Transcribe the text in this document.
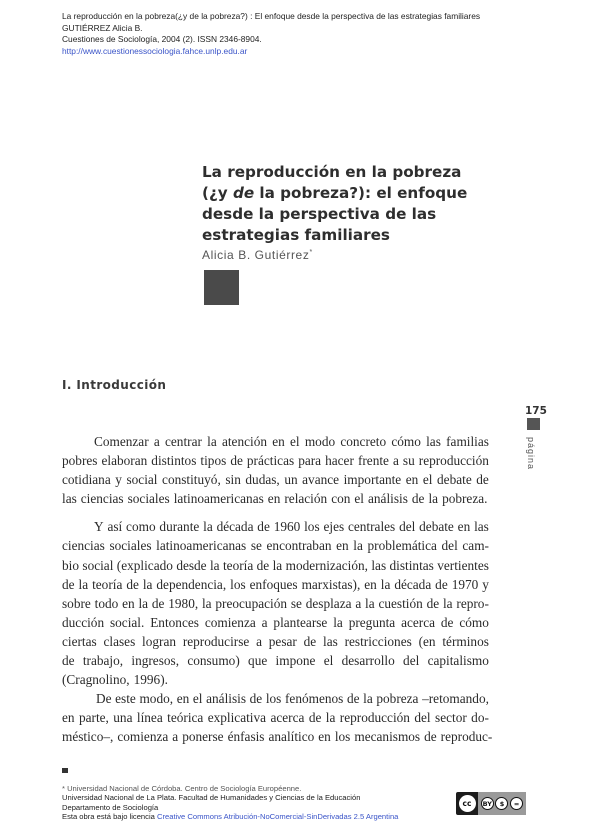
La reproducción en la pobreza(¿y de la pobreza?) : El enfoque desde la perspectiva de las estrategias familiares
GUTIÉRREZ Alicia B.
Cuestiones de Sociología, 2004 (2). ISSN 2346-8904.
http://www.cuestionessociologia.fahce.unlp.edu.ar
La reproducción en la pobreza
(¿y de la pobreza?): el enfoque
desde la perspectiva de las
estrategias familiares
Alicia B. Gutiérrez*
I. Introducción
175
página
Comenzar a centrar la atención en el modo concreto cómo las familias
pobres elaboran distintos tipos de prácticas para hacer frente a su reproducción
cotidiana y social constituyó, sin dudas, un avance importante en el debate de
las ciencias sociales latinoamericanas en relación con el análisis de la pobreza.
Y así como durante la década de 1960 los ejes centrales del debate en las
ciencias sociales latinoamericanas se encontraban en la problemática del cam-
bio social (explicado desde la teoría de la modernización, las distintas vertientes
de la teoría de la dependencia, los enfoques marxistas), en la década de 1970 y
sobre todo en la de 1980, la preocupación se desplaza a la cuestión de la repro-
ducción social. Entonces comienza a plantearse la pregunta acerca de cómo
ciertas clases logran reproducirse a pesar de las restricciones (en términos
de trabajo, ingresos, consumo) que impone el desarrollo del capitalismo
(Cragnolino, 1996).
De este modo, en el análisis de los fenómenos de la pobreza –retomando,
en parte, una línea teórica explicativa acerca de la reproducción del sector do-
méstico–, comienza a ponerse énfasis analítico en los mecanismos de reproduc-
* Universidad Nacional de Córdoba. Centro de Sociología Européenne.
Universidad Nacional de La Plata. Facultad de Humanidades y Ciencias de la Educación
Departamento de Sociología
Esta obra está bajo licencia Creative Commons Atribución-NoComercial-SinDerivadas 2.5 Argentina
cc	BY	$	=
